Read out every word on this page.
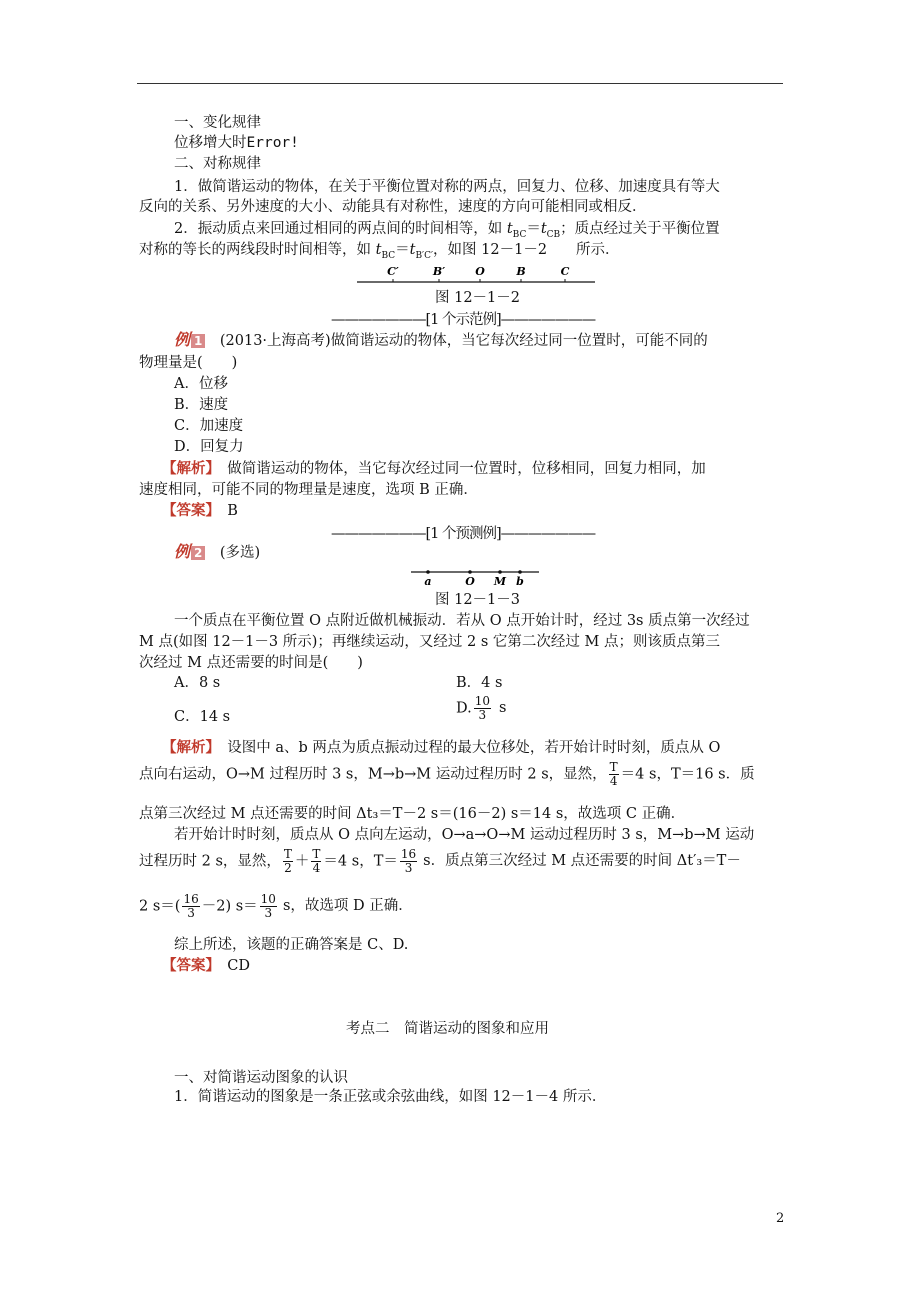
一、变化规律
位移增大时Error!
二、对称规律
1．做简谐运动的物体，在关于平衡位置对称的两点，回复力、位移、加速度具有等大
反向的关系、另外速度的大小、动能具有对称性，速度的方向可能相同或相反．
2．振动质点来回通过相同的两点间的时间相等，如 $t_{BC}=t_{CB}$；质点经过关于平衡位置
对称的等长的两线段时时间相等，如 $t_{BC}=t_{B'C'}$，如图 12－1－2　　所示．
C′	B′	O	B	C
图 12－1－2
———————[1 个示范例]———————
例 1　(2013·上海高考)做简谐运动的物体，当它每次经过同一位置时，可能不同的
物理量是(　　)
A．位移
B．速度
C．加速度
D．回复力
【解析】　做简谐运动的物体，当它每次经过同一位置时，位移相同，回复力相同，加
速度相同，可能不同的物理量是速度，选项 B 正确．
【答案】　B
———————[1 个预测例]———————
例 2　(多选)
a	O M b
图 12－1－3
一个质点在平衡位置 O 点附近做机械振动．若从 O 点开始计时，经过 3s 质点第一次经过
M 点(如图 12－1－3 所示)；再继续运动，又经过 2 s 它第二次经过 M 点；则该质点第三
次经过 M 点还需要的时间是(　　)
A．8 s	B．4 s
C．14 s
D. $\frac{10}{3}$ s
【解析】　设图中 a、b 两点为质点振动过程的最大位移处，若开始计时时刻，质点从 O
点向右运动，O→M 过程历时 3 s，M→b→M 运动过程历时 2 s，显然， $\frac{T}{4} =4$ s，T＝16 s．质
点第三次经过 M 点还需要的时间 Δt₃＝T－2 s＝(16－2) s＝14 s，故选项 C 正确．
若开始计时时刻，质点从 O 点向左运动，O→a→O→M 运动过程历时 3 s，M→b→M 运动
过程历时 2 s，显然， $\frac{T}{2} + \frac{T}{4} =4$ s，$T= \frac{16}{3}$ s．质点第三次经过 M 点还需要的时间 Δt′₃＝T－
2 $s=( \frac{16}{3} -2)$ $s= \frac{10}{3}$ s，故选项 D 正确．
综上所述，该题的正确答案是 C、D.
【答案】　CD
考点二　简谐运动的图象和应用
一、对简谐运动图象的认识
1．简谐运动的图象是一条正弦或余弦曲线，如图 12－1－4 所示．
2
